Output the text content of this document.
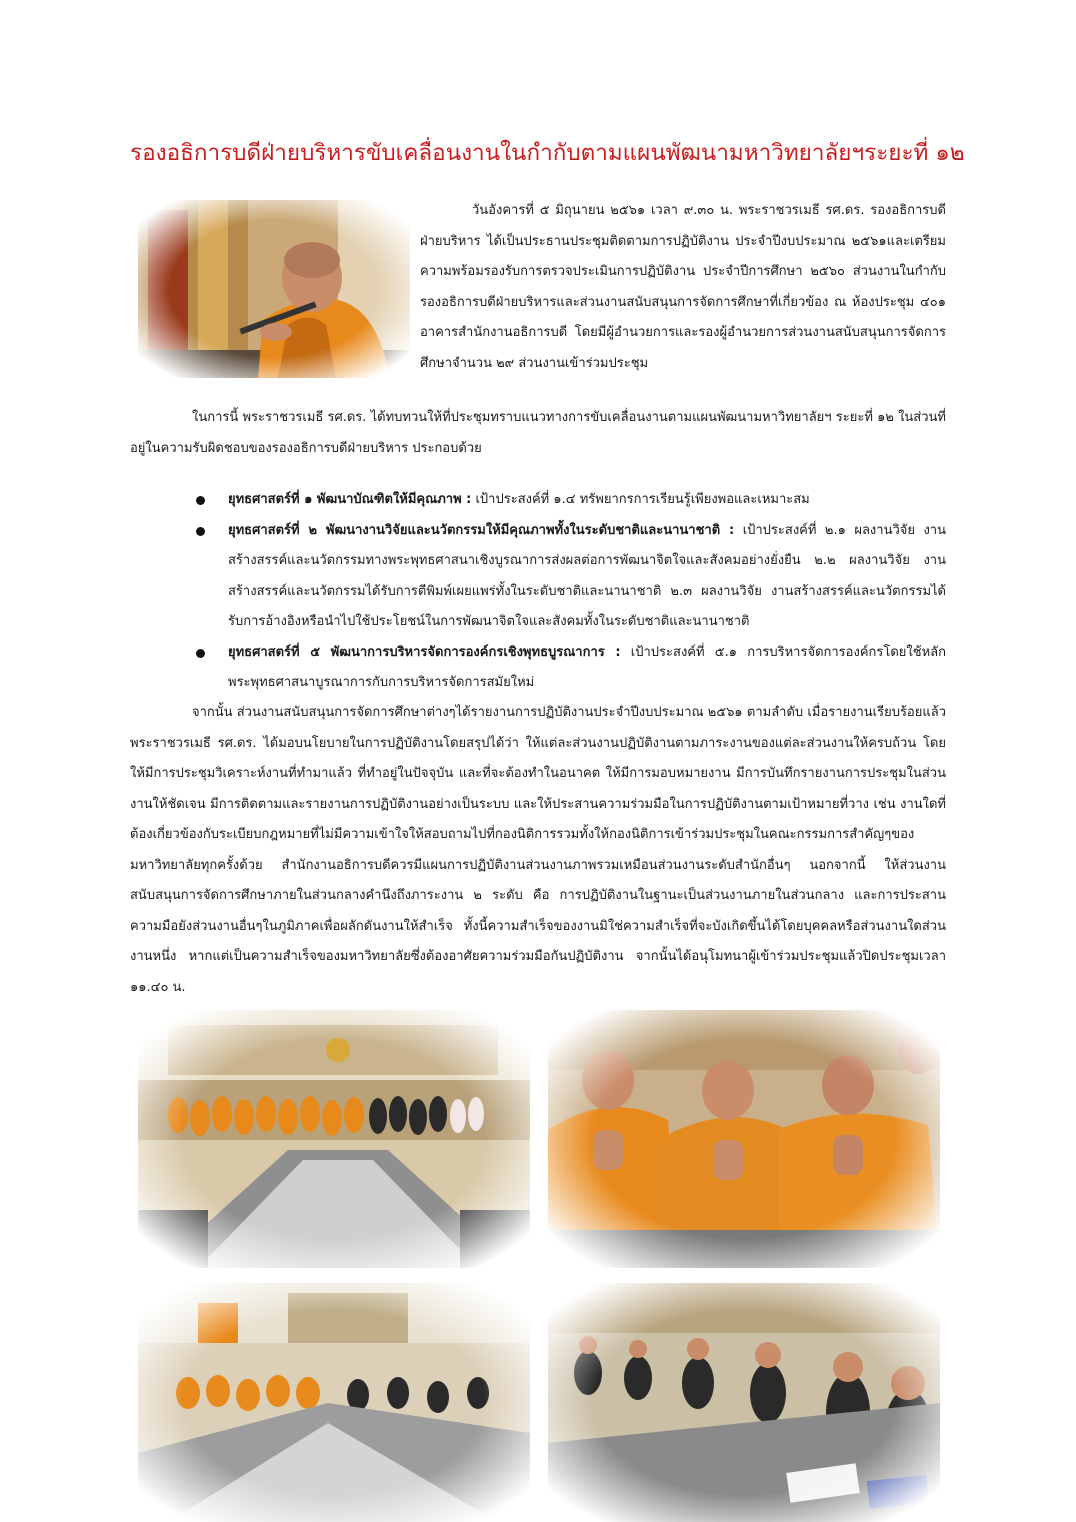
รองอธิการบดีฝ่ายบริหารขับเคลื่อนงานในกำกับตามแผนพัฒนามหาวิทยาลัยฯระยะที่ ๑๒

วันอังคารที่ ๕ มิถุนายน ๒๕๖๑ เวลา ๙.๓๐ น. พระราชวรเมธี รศ.ดร. รองอธิการบดีฝ่ายบริหาร ได้เป็นประธานประชุมติดตามการปฏิบัติงาน ประจำปีงบประมาณ ๒๕๖๑และเตรียมความพร้อมรองรับการตรวจประเมินการปฏิบัติงาน ประจำปีการศึกษา ๒๕๖๐ ส่วนงานในกำกับรองอธิการบดีฝ่ายบริหารและส่วนงานสนับสนุนการจัดการศึกษาที่เกี่ยวข้อง ณ ห้องประชุม ๔๐๑ อาคารสำนักงานอธิการบดี โดยมีผู้อำนวยการและรองผู้อำนวยการส่วนงานสนับสนุนการจัดการศึกษาจำนวน ๒๙ ส่วนงานเข้าร่วมประชุม

ในการนี้ พระราชวรเมธี รศ.ดร. ได้ทบทวนให้ที่ประชุมทราบแนวทางการขับเคลื่อนงานตามแผนพัฒนามหาวิทยาลัยฯ ระยะที่ ๑๒ ในส่วนที่อยู่ในความรับผิดชอบของรองอธิการบดีฝ่ายบริหาร ประกอบด้วย

ยุทธศาสตร์ที่ ๑ พัฒนาบัณฑิตให้มีคุณภาพ : เป้าประสงค์ที่ ๑.๔ ทรัพยากรการเรียนรู้เพียงพอและเหมาะสม
ยุทธศาสตร์ที่ ๒ พัฒนางานวิจัยและนวัตกรรมให้มีคุณภาพทั้งในระดับชาติและนานาชาติ : เป้าประสงค์ที่ ๒.๑ ผลงานวิจัย งานสร้างสรรค์และนวัตกรรมทางพระพุทธศาสนาเชิงบูรณาการส่งผลต่อการพัฒนาจิตใจและสังคมอย่างยั่งยืน ๒.๒ ผลงานวิจัย งานสร้างสรรค์และนวัตกรรมได้รับการตีพิมพ์เผยแพร่ทั้งในระดับชาติและนานาชาติ ๒.๓ ผลงานวิจัย งานสร้างสรรค์และนวัตกรรมได้รับการอ้างอิงหรือนำไปใช้ประโยชน์ในการพัฒนาจิตใจและสังคมทั้งในระดับชาติและนานาชาติ
ยุทธศาสตร์ที่ ๕ พัฒนาการบริหารจัดการองค์กรเชิงพุทธบูรณาการ : เป้าประสงค์ที่ ๕.๑ การบริหารจัดการองค์กรโดยใช้หลักพระพุทธศาสนาบูรณาการกับการบริหารจัดการสมัยใหม่

จากนั้น ส่วนงานสนับสนุนการจัดการศึกษาต่างๆได้รายงานการปฏิบัติงานประจำปีงบประมาณ ๒๕๖๑ ตามลำดับ เมื่อรายงานเรียบร้อยแล้ว พระราชวรเมธี รศ.ดร. ได้มอบนโยบายในการปฏิบัติงานโดยสรุปได้ว่า ให้แต่ละส่วนงานปฏิบัติงานตามภาระงานของแต่ละส่วนงานให้ครบถ้วน โดยให้มีการประชุมวิเคราะห์งานที่ทำมาแล้ว ที่ทำอยู่ในปัจจุบัน และที่จะต้องทำในอนาคต ให้มีการมอบหมายงาน มีการบันทึกรายงานการประชุมในส่วนงานให้ชัดเจน มีการติดตามและรายงานการปฏิบัติงานอย่างเป็นระบบ และให้ประสานความร่วมมือในการปฏิบัติงานตามเป้าหมายที่วาง เช่น งานใดที่ต้องเกี่ยวข้องกับระเบียบกฎหมายที่ไม่มีความเข้าใจให้สอบถามไปที่กองนิติการรวมทั้งให้กองนิติการเข้าร่วมประชุมในคณะกรรมการสำคัญๆของมหาวิทยาลัยทุกครั้งด้วย สำนักงานอธิการบดีควรมีแผนการปฏิบัติงานส่วนงานภาพรวมเหมือนส่วนงานระดับสำนักอื่นๆ นอกจากนี้ ให้ส่วนงานสนับสนุนการจัดการศึกษาภายในส่วนกลางคำนึงถึงภาระงาน ๒ ระดับ คือ การปฏิบัติงานในฐานะเป็นส่วนงานภายในส่วนกลาง และการประสานความมือยังส่วนงานอื่นๆในภูมิภาคเพื่อผลักดันงานให้สำเร็จ ทั้งนี้ความสำเร็จของงานมิใช่ความสำเร็จที่จะบังเกิดขึ้นได้โดยบุคคลหรือส่วนงานใดส่วนงานหนึ่ง หากแต่เป็นความสำเร็จของมหาวิทยาลัยซึ่งต้องอาศัยความร่วมมือกันปฏิบัติงาน จากนั้นได้อนุโมทนาผู้เข้าร่วมประชุมแล้วปิดประชุมเวลา ๑๑.๔๐ น.
